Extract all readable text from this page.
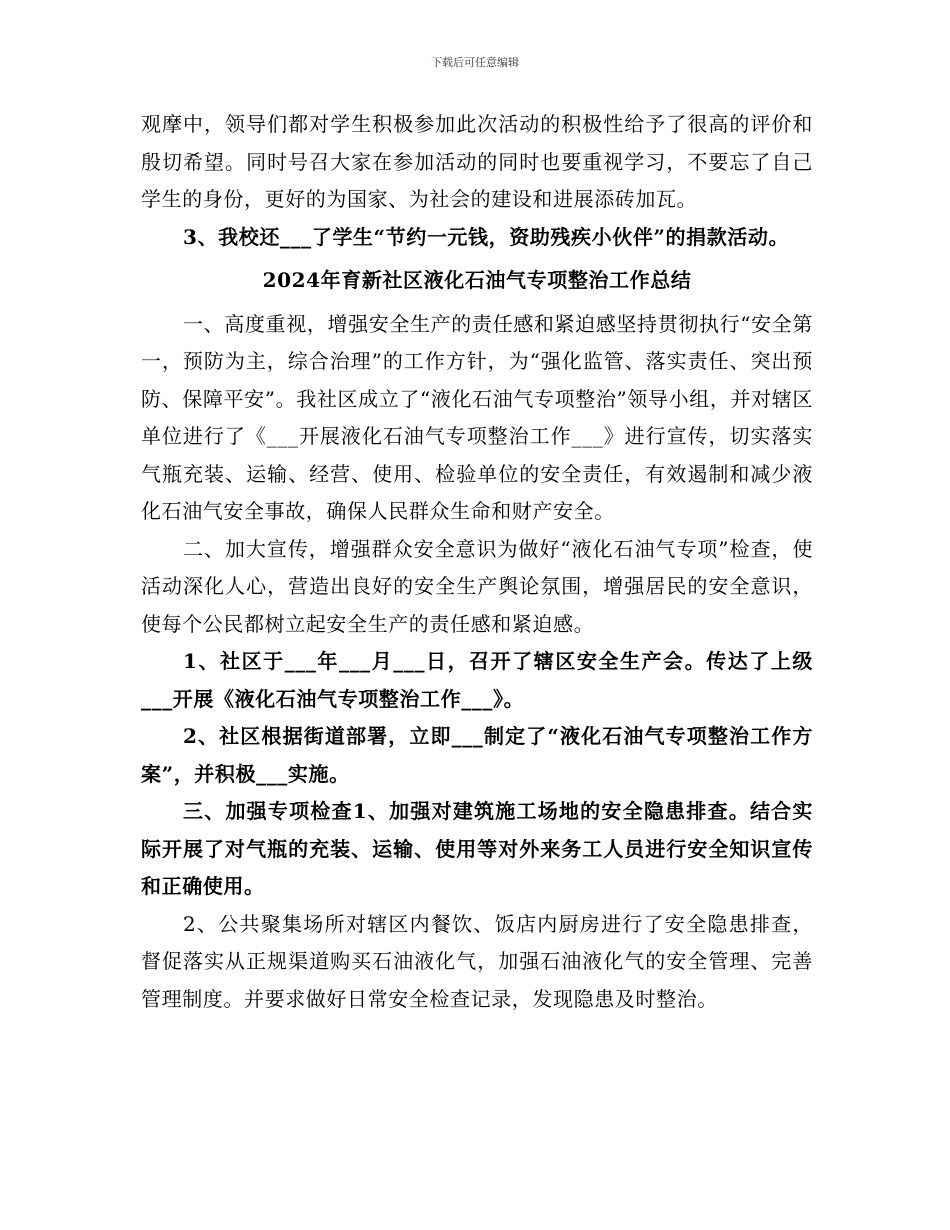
下载后可任意编辑

观摩中，领导们都对学生积极参加此次活动的积极性给予了很高的评价和殷切希望。同时号召大家在参加活动的同时也要重视学习，不要忘了自己学生的身份，更好的为国家、为社会的建设和进展添砖加瓦。

3、我校还___了学生“节约一元钱，资助残疾小伙伴”的捐款活动。

2024年育新社区液化石油气专项整治工作总结

一、高度重视，增强安全生产的责任感和紧迫感坚持贯彻执行“安全第一，预防为主，综合治理”的工作方针，为“强化监管、落实责任、突出预防、保障平安”。我社区成立了“液化石油气专项整治”领导小组，并对辖区单位进行了《___开展液化石油气专项整治工作___》进行宣传，切实落实气瓶充装、运输、经营、使用、检验单位的安全责任，有效遏制和减少液化石油气安全事故，确保人民群众生命和财产安全。

二、加大宣传，增强群众安全意识为做好“液化石油气专项”检查，使活动深化人心，营造出良好的安全生产舆论氛围，增强居民的安全意识，使每个公民都树立起安全生产的责任感和紧迫感。

1、社区于___年___月___日，召开了辖区安全生产会。传达了上级___开展《液化石油气专项整治工作___》。

2、社区根据街道部署，立即___制定了“液化石油气专项整治工作方案”，并积极___实施。

三、加强专项检查1、加强对建筑施工场地的安全隐患排查。结合实际开展了对气瓶的充装、运输、使用等对外来务工人员进行安全知识宣传和正确使用。

2、公共聚集场所对辖区内餐饮、饭店内厨房进行了安全隐患排查，督促落实从正规渠道购买石油液化气，加强石油液化气的安全管理、完善管理制度。并要求做好日常安全检查记录，发现隐患及时整治。
